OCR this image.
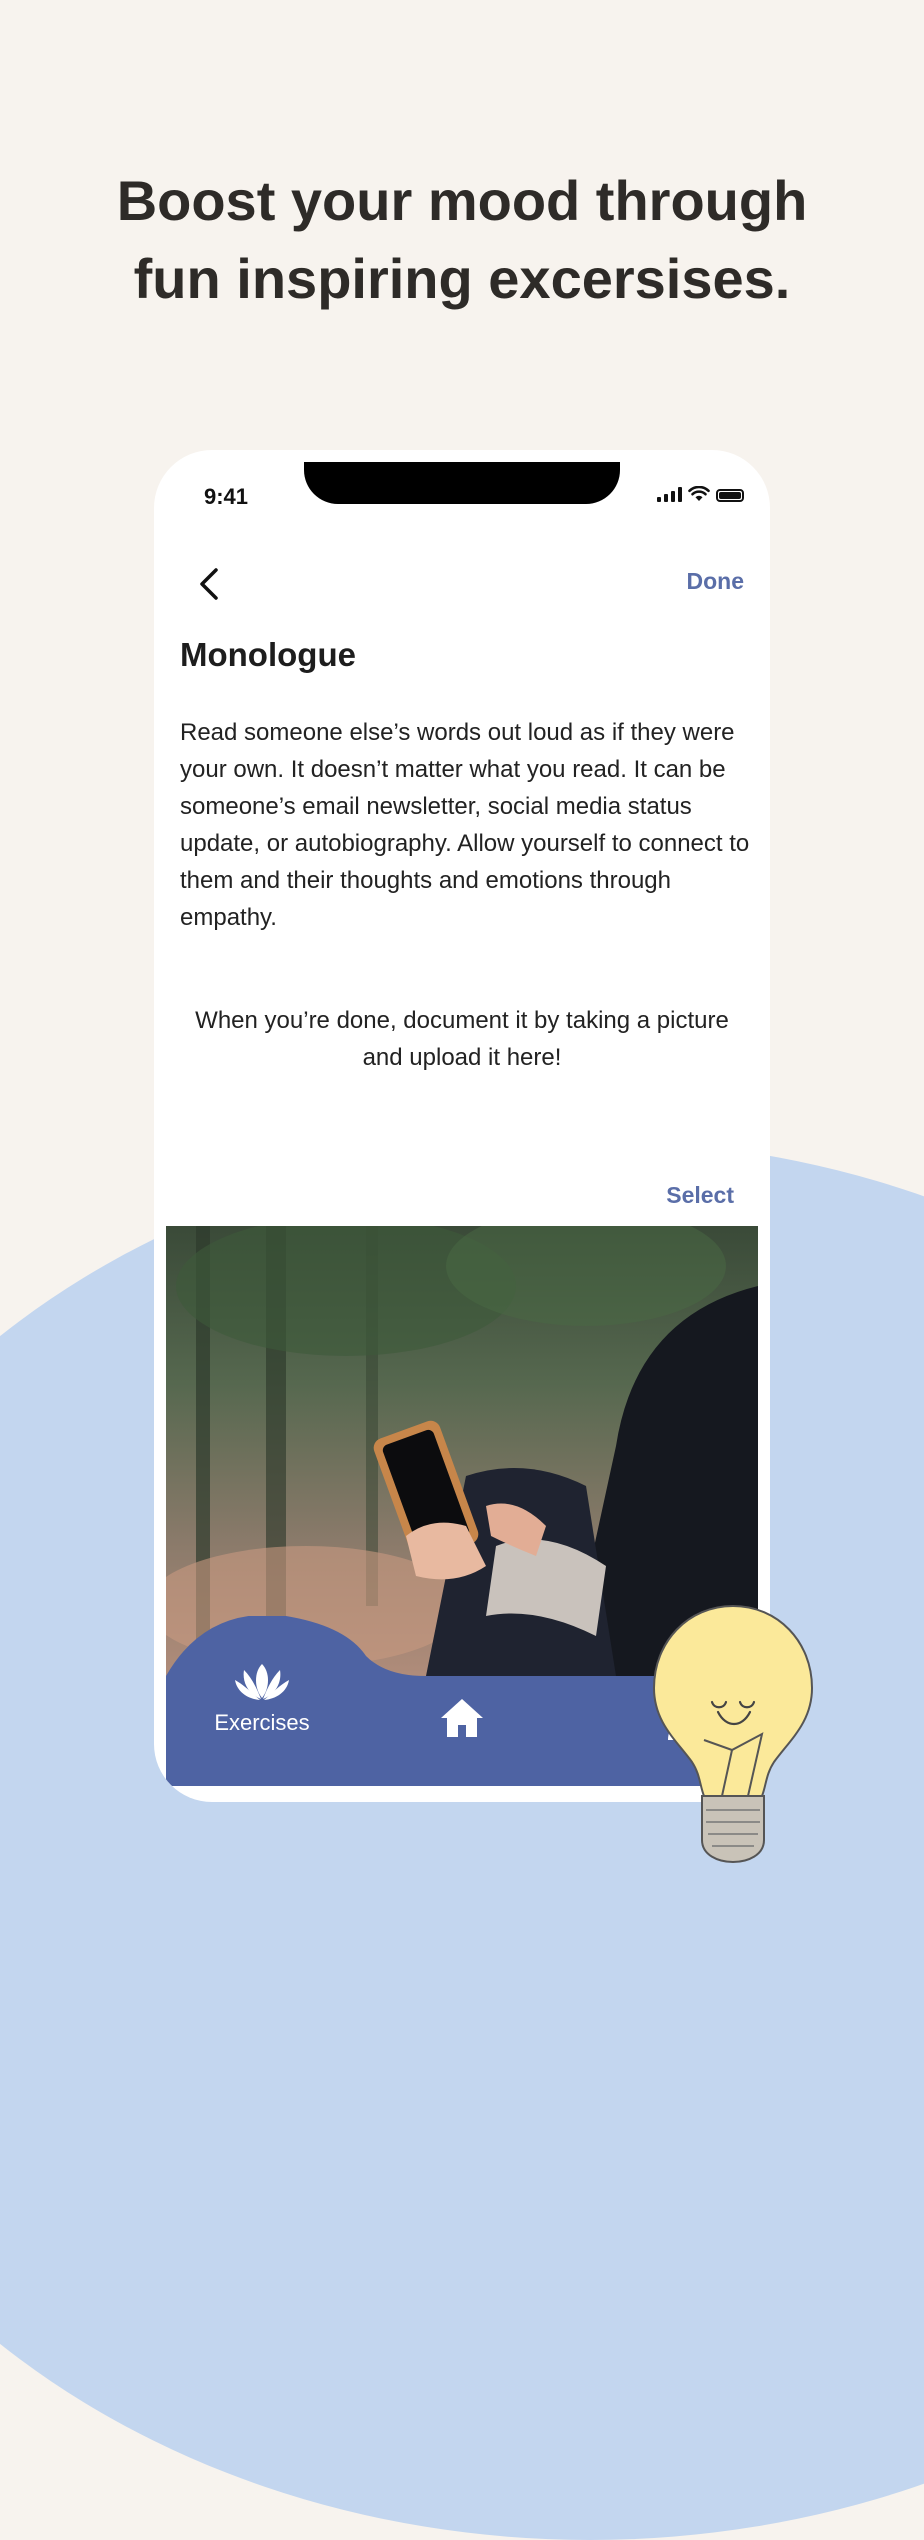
Boost your mood through
fun inspiring excersises.
9:41
Done
Monologue

Read someone else’s words out loud as if they were your own. It doesn’t matter what you read. It can be someone’s email newsletter, social media status update, or autobiography. Allow yourself to connect to them and their thoughts and emotions through empathy.

When you’re done, document it by taking a picture and upload it here!

Select
Exercises
